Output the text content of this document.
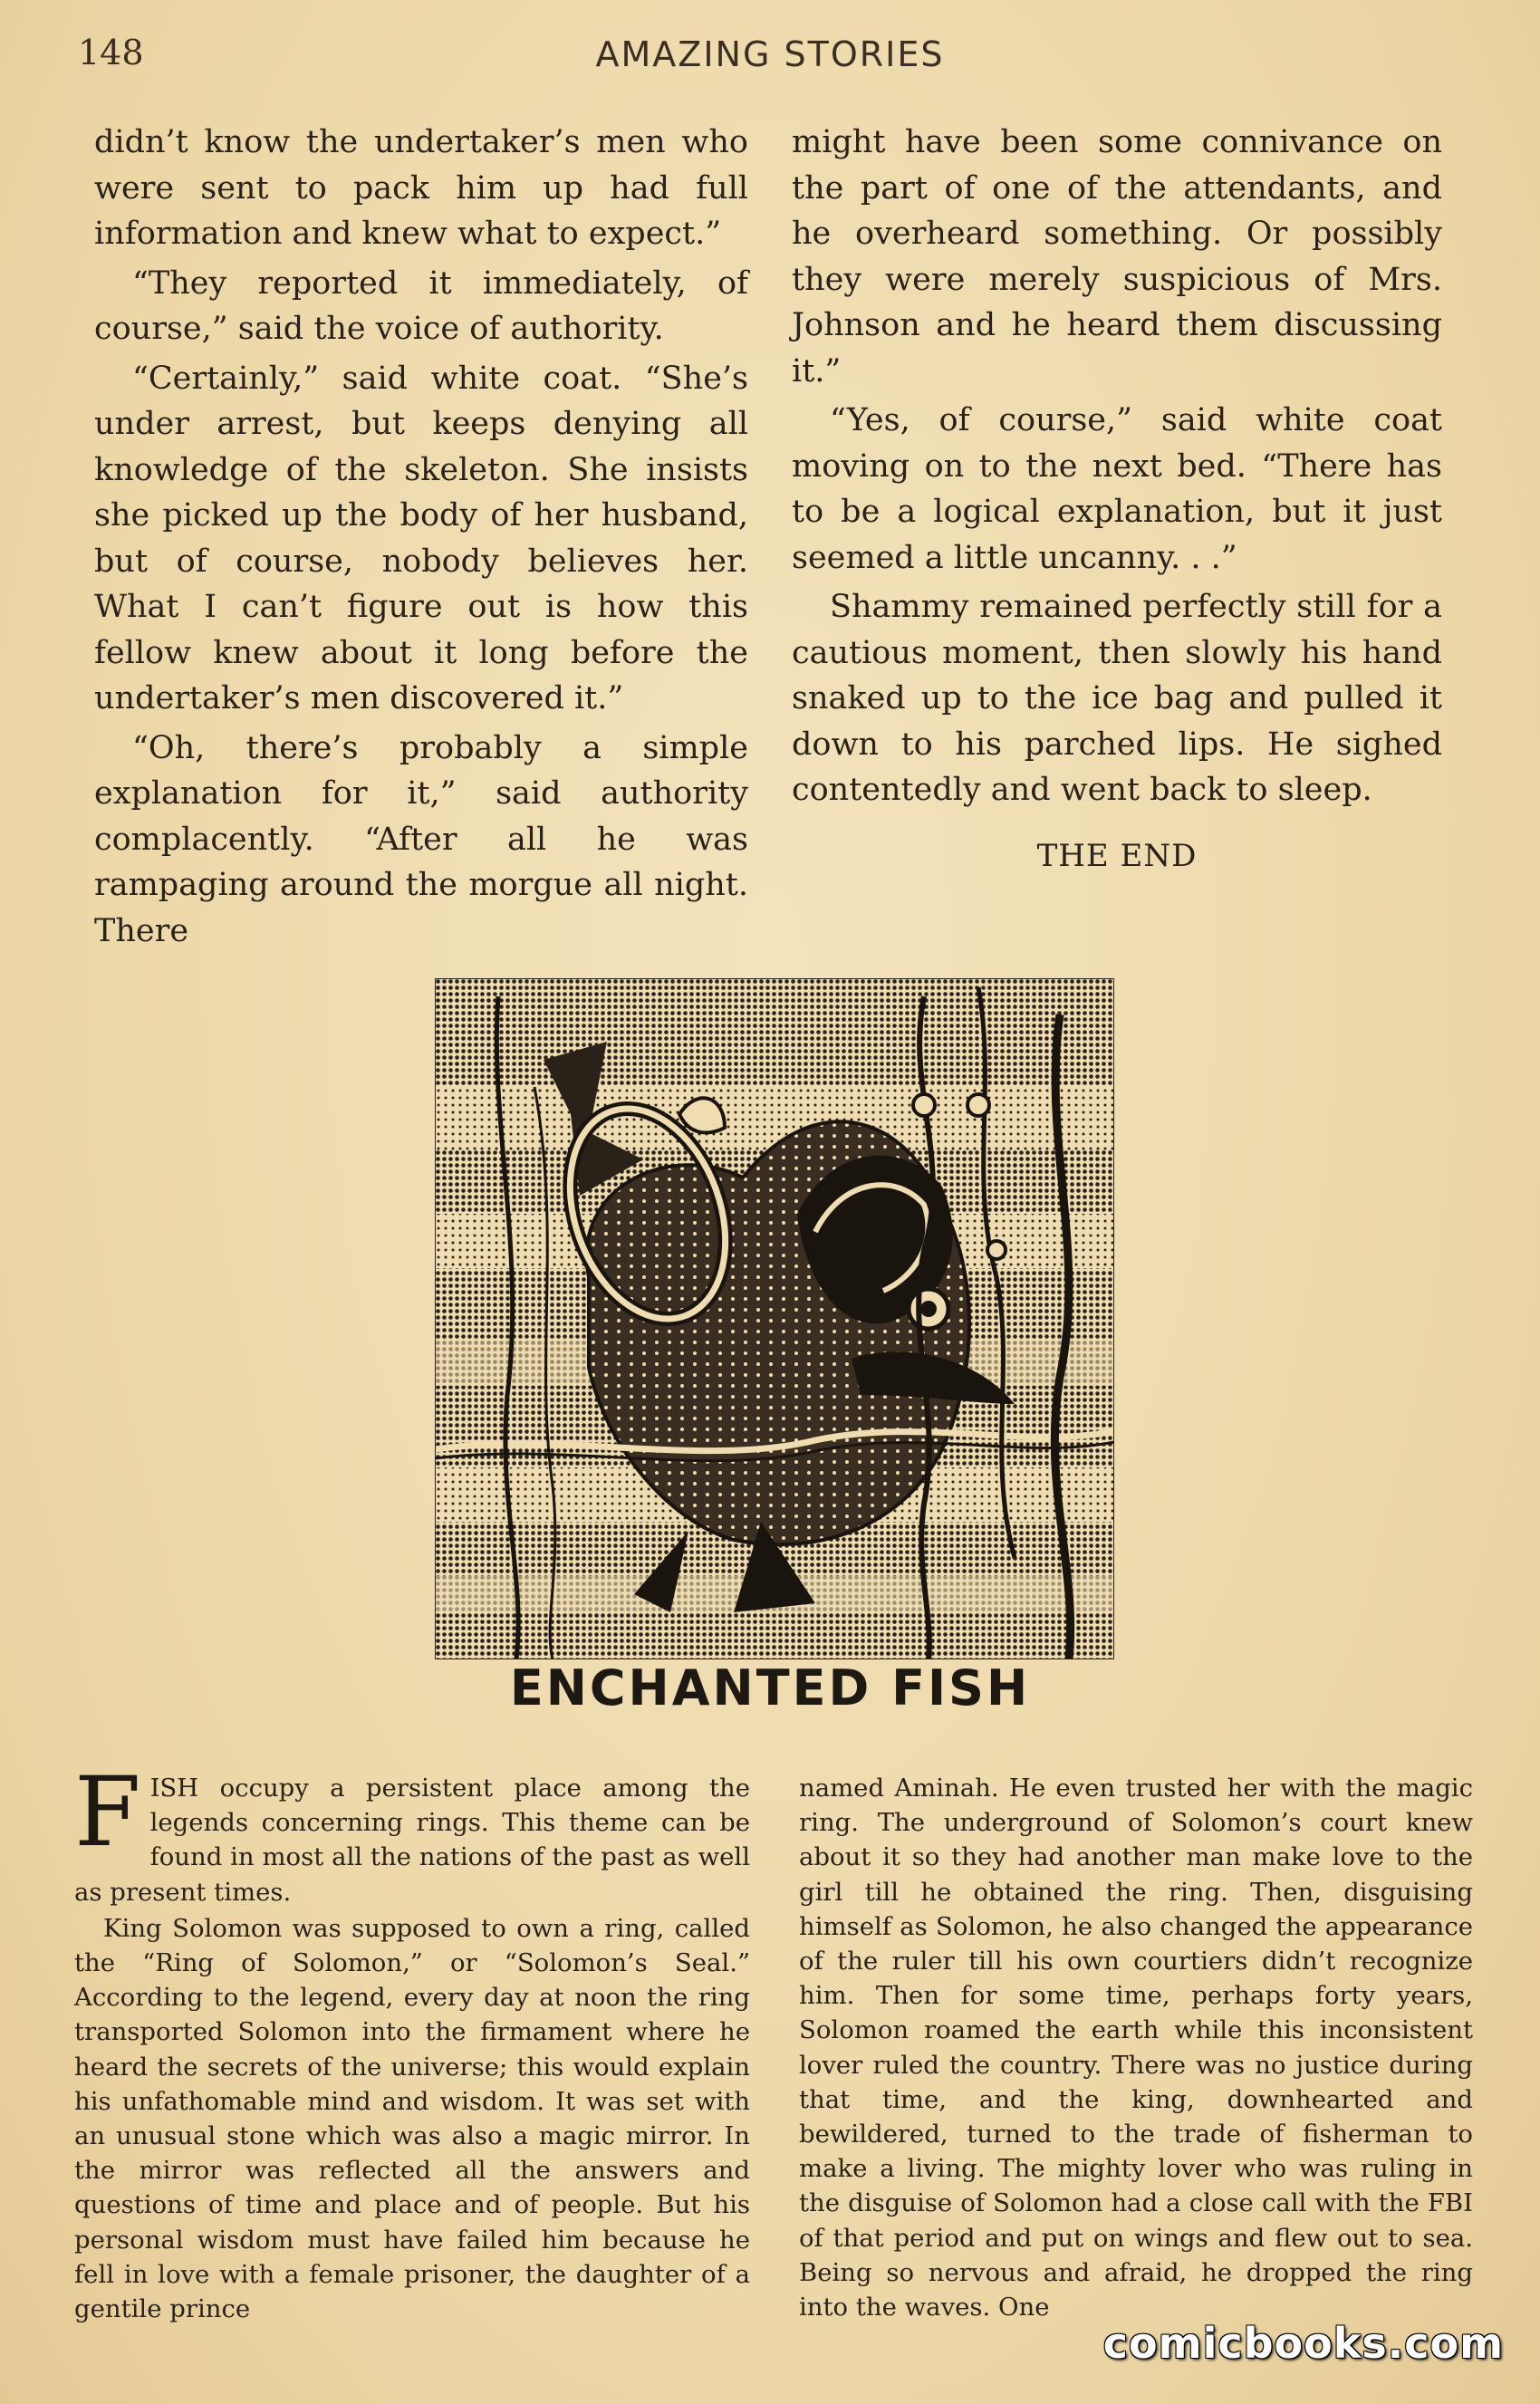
148	AMAZING STORIES

didn’t know the undertaker’s men who were sent to pack him up had full information and knew what to expect.”

“They reported it immediately, of course,” said the voice of authority.

“Certainly,” said white coat. “She’s under arrest, but keeps denying all knowledge of the skeleton. She insists she picked up the body of her husband, but of course, nobody believes her. What I can’t figure out is how this fellow knew about it long before the undertaker’s men discovered it.”

“Oh, there’s probably a simple explanation for it,” said authority complacently. “After all he was rampaging around the morgue all night. There

might have been some connivance on the part of one of the attendants, and he overheard something. Or possibly they were merely suspicious of Mrs. Johnson and he heard them discussing it.”

“Yes, of course,” said white coat moving on to the next bed. “There has to be a logical explanation, but it just seemed a little uncanny. . .”

Shammy remained perfectly still for a cautious moment, then slowly his hand snaked up to the ice bag and pulled it down to his parched lips. He sighed contentedly and went back to sleep.

THE END
ENCHANTED FISH

FISH occupy a persistent place among the legends concerning rings. This theme can be found in most all the nations of the past as well as present times.

King Solomon was supposed to own a ring, called the “Ring of Solomon,” or “Solomon’s Seal.” According to the legend, every day at noon the ring transported Solomon into the firmament where he heard the secrets of the universe; this would explain his unfathomable mind and wisdom. It was set with an unusual stone which was also a magic mirror. In the mirror was reflected all the answers and questions of time and place and of people. But his personal wisdom must have failed him because he fell in love with a female prisoner, the daughter of a gentile prince

named Aminah. He even trusted her with the magic ring. The underground of Solomon’s court knew about it so they had another man make love to the girl till he obtained the ring. Then, disguising himself as Solomon, he also changed the appearance of the ruler till his own courtiers didn’t recognize him. Then for some time, perhaps forty years, Solomon roamed the earth while this inconsistent lover ruled the country. There was no justice during that time, and the king, downhearted and bewildered, turned to the trade of fisherman to make a living. The mighty lover who was ruling in the disguise of Solomon had a close call with the FBI of that period and put on wings and flew out to sea. Being so nervous and afraid, he dropped the ring into the waves. One

comicbooks.com
